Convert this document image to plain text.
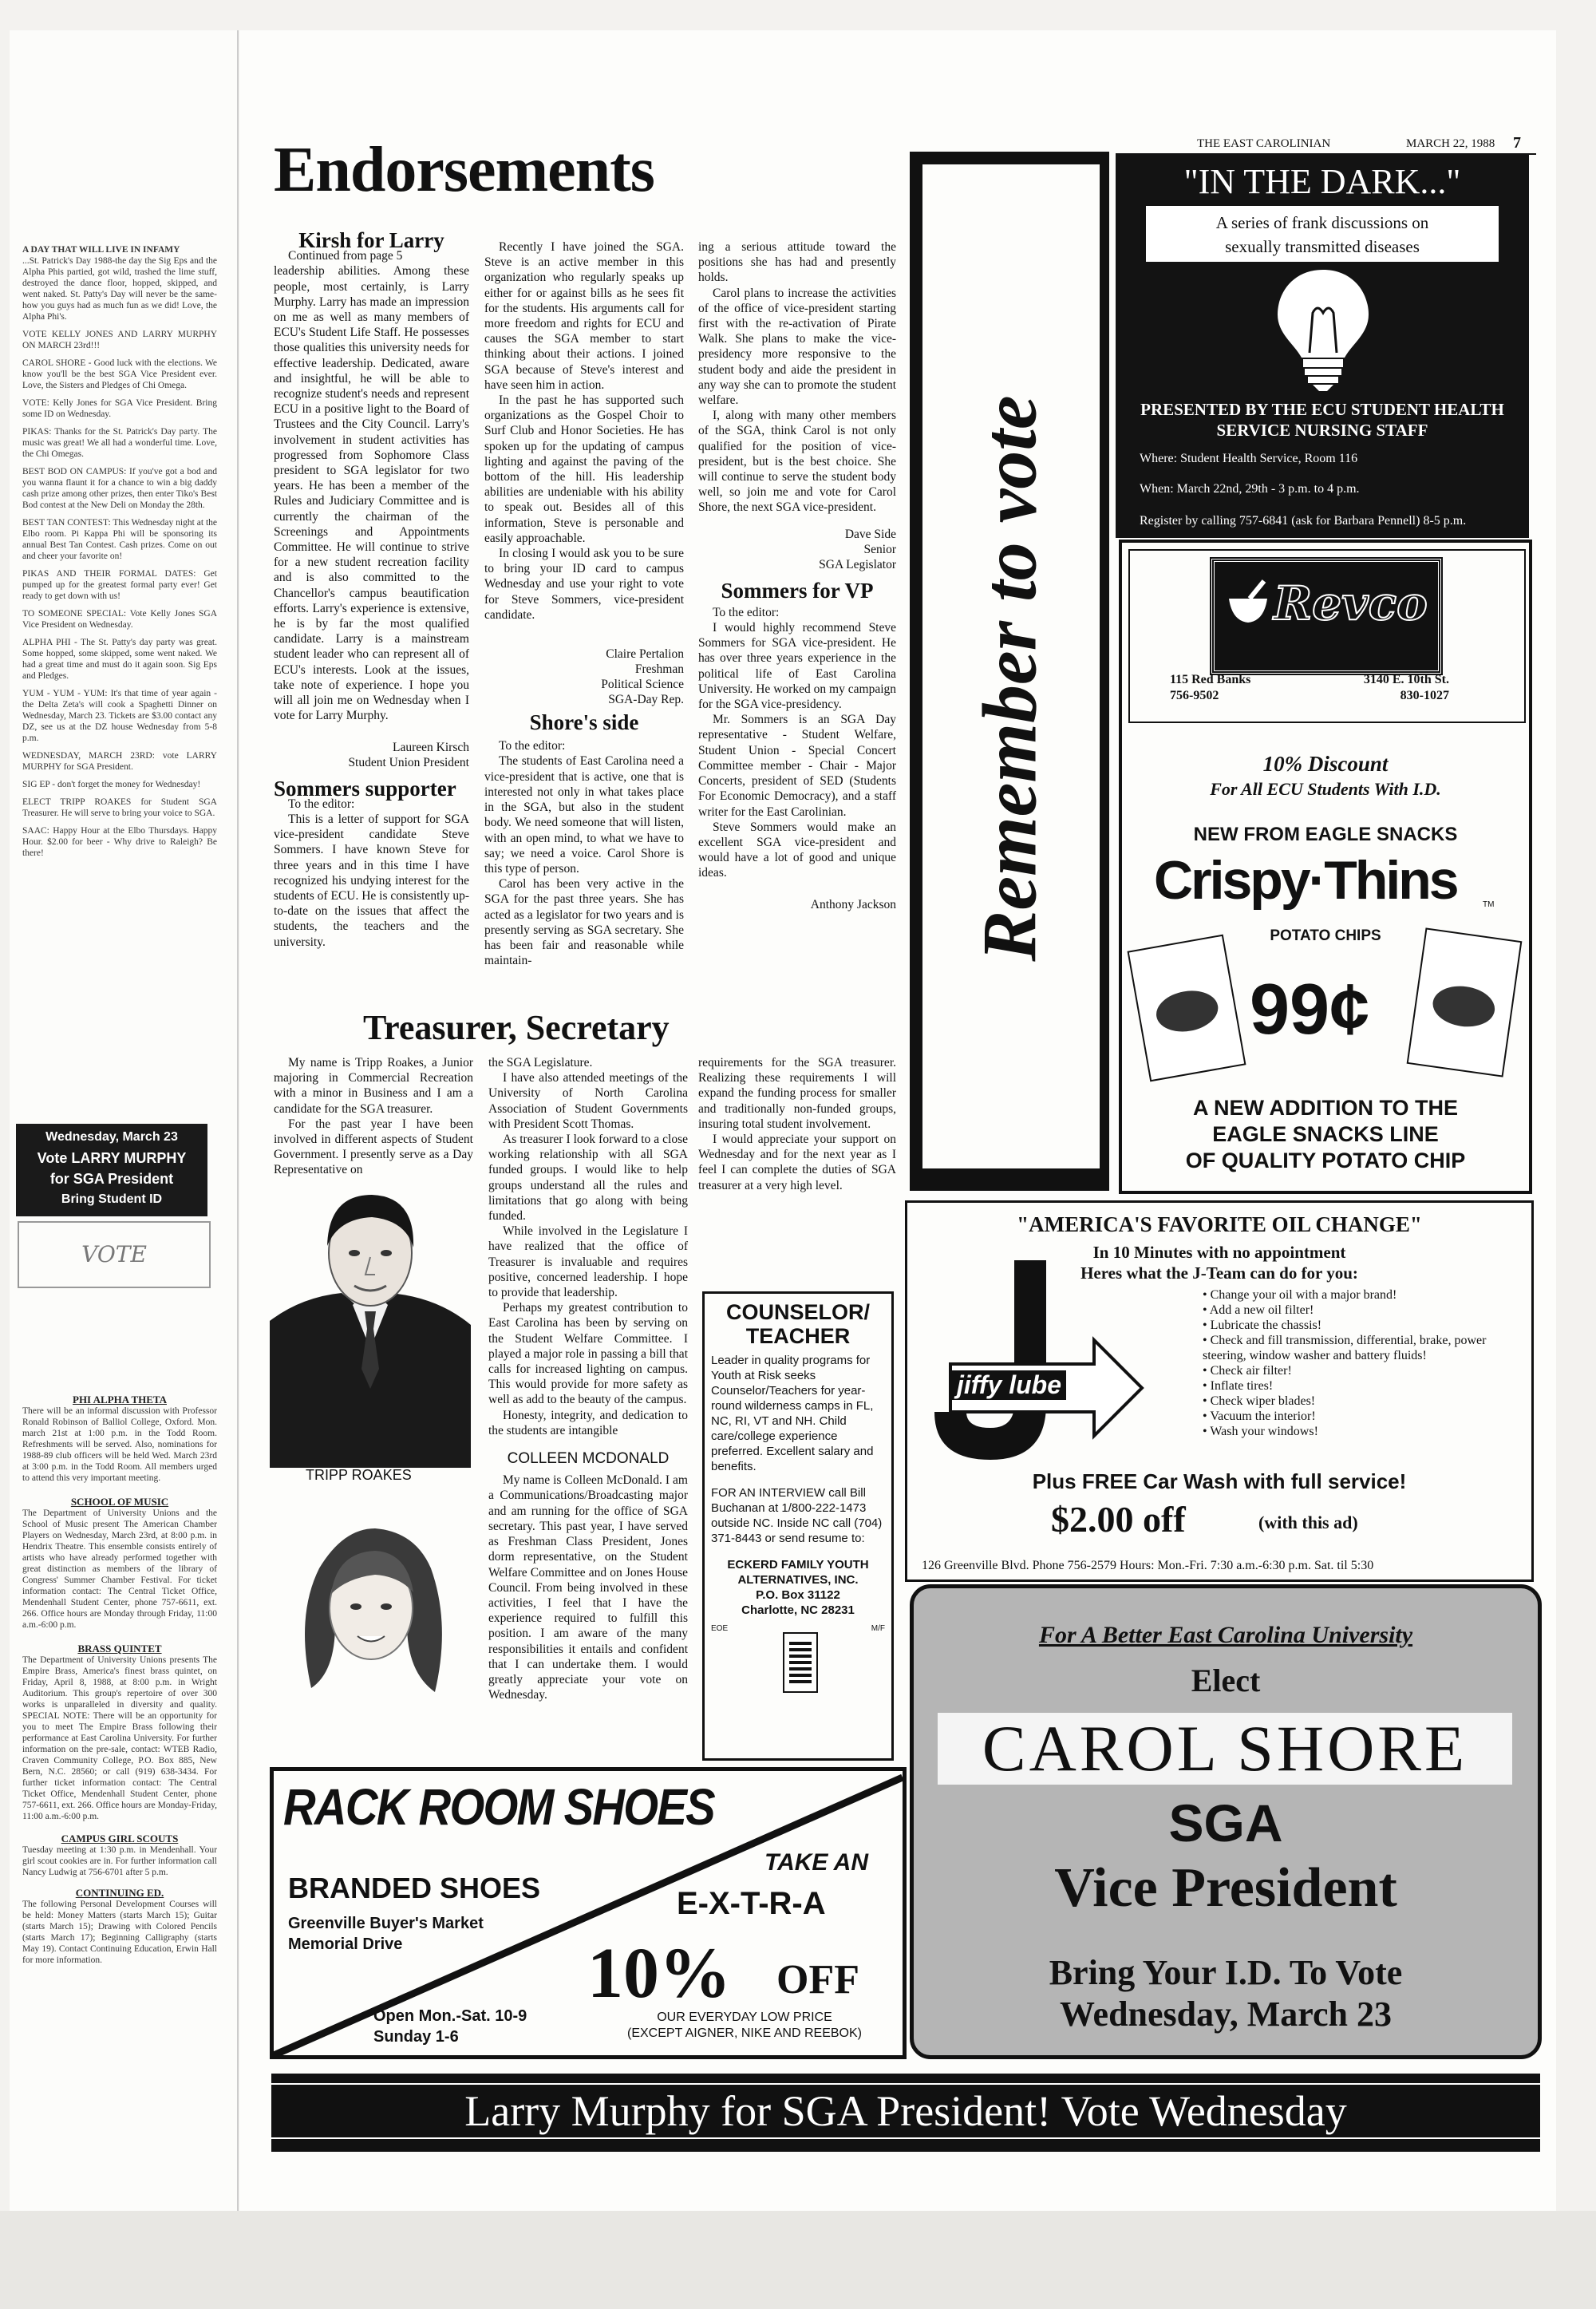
A DAY THAT WILL LIVE IN INFAMY
...St. Patrick's Day 1988-the day the Sig Eps and the Alpha Phis partied, got wild, trashed the lime stuff, destroyed the dance floor, hopped, skipped, and went naked. St. Patty's Day will never be the same-how you guys had as much fun as we did! Love, the Alpha Phi's.
VOTE KELLY JONES AND LARRY MURPHY ON MARCH 23rd!!!
CAROL SHORE - Good luck with the elections. We know you'll be the best SGA Vice President ever. Love, the Sisters and Pledges of Chi Omega.
VOTE: Kelly Jones for SGA Vice President. Bring some ID on Wednesday.
PIKAS: Thanks for the St. Patrick's Day party. The music was great! We all had a wonderful time. Love, the Chi Omegas.
BEST BOD ON CAMPUS: If you've got a bod and you wanna flaunt it for a chance to win a big daddy cash prize among other prizes, then enter Tiko's Best Bod contest at the New Deli on Monday the 28th.
BEST TAN CONTEST: This Wednesday night at the Elbo room. Pi Kappa Phi will be sponsoring its annual Best Tan Contest. Cash prizes. Come on out and cheer your favorite on!
PIKAS AND THEIR FORMAL DATES: Get pumped up for the greatest formal party ever! Get ready to get down with us!
TO SOMEONE SPECIAL: Vote Kelly Jones SGA Vice President on Wednesday.
ALPHA PHI - The St. Patty's day party was great. Some hopped, some skipped, some went naked. We had a great time and must do it again soon. Sig Eps and Pledges.
YUM - YUM - YUM: It's that time of year again - the Delta Zeta's will cook a Spaghetti Dinner on Wednesday, March 23. Tickets are $3.00 contact any DZ, see us at the DZ house Wednesday from 5-8 p.m.
WEDNESDAY, MARCH 23RD: vote LARRY MURPHY for SGA President.
SIG EP - don't forget the money for Wednesday!
ELECT TRIPP ROAKES for Student SGA Treasurer. He will serve to bring your voice to SGA.
SAAC: Happy Hour at the Elbo Thursdays. Happy Hour. $2.00 for beer - Why drive to Raleigh? Be there!
Wednesday, March 23
Vote LARRY MURPHY
for SGA President
Bring Student ID
VOTE
PHI ALPHA THETA
There will be an informal discussion with Professor Ronald Robinson of Balliol College, Oxford. Mon. march 21st at 1:00 p.m. in the Todd Room. Refreshments will be served. Also, nominations for 1988-89 club officers will be held Wed. March 23rd at 3:00 p.m. in the Todd Room. All members urged to attend this very important meeting.
SCHOOL OF MUSIC
The Department of University Unions and the School of Music present The American Chamber Players on Wednesday, March 23rd, at 8:00 p.m. in Hendrix Theatre. This ensemble consists entirely of artists who have already performed together with great distinction as members of the library of Congress' Summer Chamber Festival. For ticket information contact: The Central Ticket Office, Mendenhall Student Center, phone 757-6611, ext. 266. Office hours are Monday through Friday, 11:00 a.m.-6:00 p.m.
BRASS QUINTET
The Department of University Unions presents The Empire Brass, America's finest brass quintet, on Friday, April 8, 1988, at 8:00 p.m. in Wright Auditorium. This group's repertoire of over 300 works is unparalleled in diversity and quality. SPECIAL NOTE: There will be an opportunity for you to meet The Empire Brass following their performance at East Carolina University. For further information on the pre-sale, contact: WTEB Radio, Craven Community College, P.O. Box 885, New Bern, N.C. 28560; or call (919) 638-3434. For further ticket information contact: The Central Ticket Office, Mendenhall Student Center, phone 757-6611, ext. 266. Office hours are Monday-Friday, 11:00 a.m.-6:00 p.m.
CAMPUS GIRL SCOUTS
Tuesday meeting at 1:30 p.m. in Mendenhall. Your girl scout cookies are in. For further information call Nancy Ludwig at 756-6701 after 5 p.m.
CONTINUING ED.
The following Personal Development Courses will be held: Money Matters (starts March 15); Guitar (starts March 15); Drawing with Colored Pencils (starts March 17); Beginning Calligraphy (starts May 19). Contact Continuing Education, Erwin Hall for more information.
Endorsements	THE EAST CAROLINIAN	MARCH 22, 1988 7
Kirsh for Larry

Continued from page 5

leadership abilities. Among these people, most certainly, is Larry Murphy. Larry has made an impression on me as well as many members of ECU's Student Life Staff. He possesses those qualities this university needs for effective leadership. Dedicated, aware and insightful, he will be able to recognize student's needs and represent ECU in a positive light to the Board of Trustees and the City Council. Larry's involvement in student activities has progressed from Sophomore Class president to SGA legislator for two years. He has been a member of the Rules and Judiciary Committee and is currently the chairman of the Screenings and Appointments Committee. He will continue to strive for a new student recreation facility and is also committed to the Chancellor's campus beautification efforts. Larry's experience is extensive, he is by far the most qualified candidate. Larry is a mainstream student leader who can represent all of ECU's interests. Look at the issues, take note of experience. I hope you will all join me on Wednesday when I vote for Larry Murphy.
Laureen Kirsch
Student Union President
Sommers supporter

To the editor:

This is a letter of support for SGA vice-president candidate Steve Sommers. I have known Steve for three years and in this time I have recognized his undying interest for the students of ECU. He is consistently up-to-date on the issues that affect the students, the teachers and the university.

Recently I have joined the SGA. Steve is an active member in this organization who regularly speaks up either for or against bills as he sees fit for the students. His arguments call for more freedom and rights for ECU and causes the SGA member to start thinking about their actions. I joined SGA because of Steve's interest and have seen him in action.

In the past he has supported such organizations as the Gospel Choir to Surf Club and Honor Societies. He has spoken up for the updating of campus lighting and against the paving of the bottom of the hill. His leadership abilities are undeniable with his ability to speak out. Besides all of this information, Steve is personable and easily approachable.

In closing I would ask you to be sure to bring your ID card to campus Wednesday and use your right to vote for Steve Sommers, vice-president candidate.

Claire Pertalion
Freshman
Political Science
SGA-Day Rep.
Shore's side

To the editor:

The students of East Carolina need a vice-president that is active, one that is interested not only in what takes place in the SGA, but also in the student body. We need someone that will listen, with an open mind, to what we have to say; we need a voice. Carol Shore is this type of person.

Carol has been very active in the SGA for the past three years. She has acted as a legislator for two years and is presently serving as SGA secretary. She has been fair and reasonable while maintain-

ing a serious attitude toward the positions she has had and presently holds.

Carol plans to increase the activities of the office of vice-president starting first with the re-activation of Pirate Walk. She plans to make the vice-presidency more responsive to the student body and aide the president in any way she can to promote the student welfare.

I, along with many other members of the SGA, think Carol is not only qualified for the position of vice-president, but is the best choice. She will continue to serve the student body well, so join me and vote for Carol Shore, the next SGA vice-president.

Dave Side
Senior
SGA Legislator
Sommers for VP

To the editor:

I would highly recommend Steve Sommers for SGA vice-president. He has over three years experience in the political life of East Carolina University. He worked on my campaign for the SGA vice-presidency.

Mr. Sommers is an SGA Day representative - Student Welfare, Student Union - Special Concert Committee member - Chair - Major Concerts, president of SED (Students For Economic Democracy), and a staff writer for the East Carolinian.

Steve Sommers would make an excellent SGA vice-president and would have a lot of good and unique ideas.

Anthony Jackson
Treasurer, Secretary

My name is Tripp Roakes, a Junior majoring in Commercial Recreation with a minor in Business and I am a candidate for the SGA treasurer.

For the past year I have been involved in different aspects of Student Government. I presently serve as a Day Representative on

TRIPP ROAKES
the SGA Legislature.

I have also attended meetings of the University of North Carolina Association of Student Governments with President Scott Thomas.

As treasurer I look forward to a close working relationship with all SGA funded groups. I would like to help groups understand all the rules and limitations that go along with being funded.

While involved in the Legislature I have realized that the office of Treasurer is invaluable and requires positive, concerned leadership. I hope to provide that leadership.

Perhaps my greatest contribution to East Carolina has been by serving on the Student Welfare Committee. I played a major role in passing a bill that calls for increased lighting on campus. This would provide for more safety as well as add to the beauty of the campus.

Honesty, integrity, and dedication to the students are intangible

COLLEEN MCDONALD

My name is Colleen McDonald. I am a Communications/Broadcasting major and am running for the office of SGA secretary. This past year, I have served as Freshman Class President, Jones dorm representative, on the Student Welfare Committee and on Jones House Council. From being involved in these activities, I feel that I have the experience required to fulfill this position. I am aware of the many responsibilities it entails and confident that I can undertake them. I would greatly appreciate your vote on Wednesday.

requirements for the SGA treasurer. Realizing these requirements I will expand the funding process for smaller and traditionally non-funded groups, insuring total student involvement.

I would appreciate your support on Wednesday and for the next year as I feel I can complete the duties of SGA treasurer at a very high level.

COUNSELOR/
TEACHER
Leader in quality programs for Youth at Risk seeks Counselor/Teachers for year-round wilderness camps in FL, NC, RI, VT and NH. Child care/college experience preferred. Excellent salary and benefits.
FOR AN INTERVIEW call Bill Buchanan at 1/800-222-1473 outside NC. Inside NC call (704) 371-8443 or send resume to:
ECKERD FAMILY YOUTH
ALTERNATIVES, INC.
P.O. Box 31122
Charlotte, NC 28231
EOE	M/F
Remember to vote
"IN THE DARK..."
A series of frank discussions on
sexually transmitted diseases
PRESENTED BY THE ECU STUDENT HEALTH
SERVICE NURSING STAFF
Where: Student Health Service, Room 116
When: March 22nd, 29th - 3 p.m. to 4 p.m.
Register by calling 757-6841 (ask for Barbara Pennell) 8-5 p.m.
Revco
115 Red Banks
756-9502
3140 E. 10th St.
830-1027
10% Discount
For All ECU Students With I.D.
NEW FROM EAGLE SNACKS
Crispy·Thins	TM
POTATO CHIPS
99¢
A NEW ADDITION TO THE
EAGLE SNACKS LINE
OF QUALITY POTATO CHIP
"AMERICA'S FAVORITE OIL CHANGE"
In 10 Minutes with no appointment
Heres what the J-Team can do for you:
jiffy lube
• Change your oil with a major brand!
• Add a new oil filter!
• Lubricate the chassis!
• Check and fill transmission, differential, brake, power steering, window washer and battery fluids!
• Check air filter!
• Inflate tires!
• Check wiper blades!
• Vacuum the interior!
• Wash your windows!
Plus FREE Car Wash with full service!
$2.00 off	(with this ad)
126 Greenville Blvd. Phone 756-2579 Hours: Mon.-Fri. 7:30 a.m.-6:30 p.m. Sat. til 5:30
RACK ROOM SHOES
BRANDED SHOES
Greenville Buyer's Market
Memorial Drive
TAKE AN
E-X-T-R-A
10% OFF
Open Mon.-Sat. 10-9
Sunday 1-6
OUR EVERYDAY LOW PRICE
(EXCEPT AIGNER, NIKE AND REEBOK)
For A Better East Carolina University
Elect
CAROL SHORE
SGA
Vice President
Bring Your I.D. To Vote
Wednesday, March 23
Larry Murphy for SGA President! Vote Wednesday
